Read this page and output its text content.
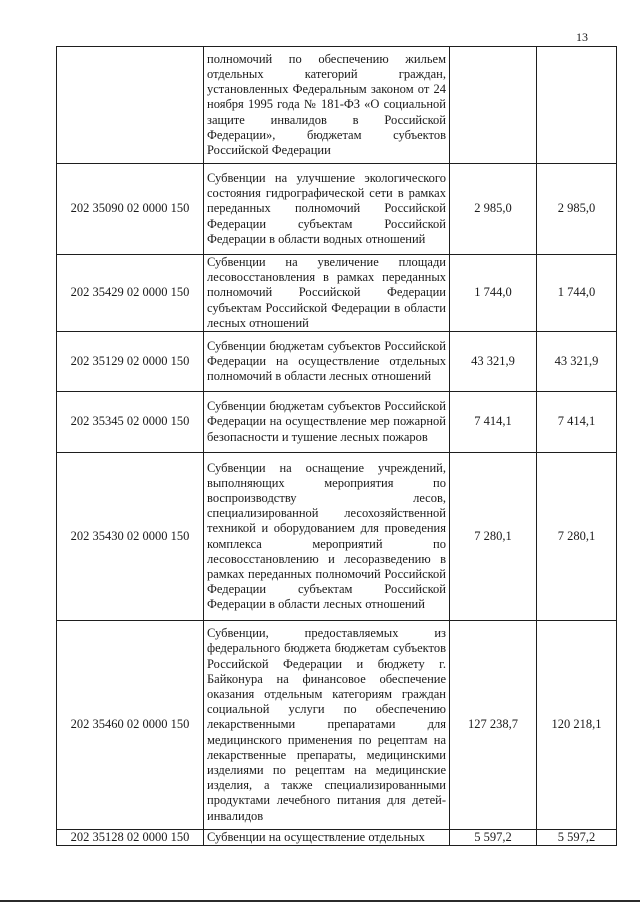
13
	полномочий по обеспечению жильем отдельных категорий граждан, установленных Федеральным законом от 24 ноября 1995 года № 181-ФЗ «О социальной защите инвалидов в Российской Федерации», бюджетам субъектов Российской Федерации		
202 35090 02 0000 150	Субвенции на улучшение экологического состояния гидрографической сети в рамках переданных полномочий Российской Федерации субъектам Российской Федерации в области водных отношений	2 985,0	2 985,0
202 35429 02 0000 150	Субвенции на увеличение площади лесовосстановления в рамках переданных полномочий Российской Федерации субъектам Российской Федерации в области лесных отношений	1 744,0	1 744,0
202 35129 02 0000 150	Субвенции бюджетам субъектов Российской Федерации на осуществление отдельных полномочий в области лесных отношений	43 321,9	43 321,9
202 35345 02 0000 150	Субвенции бюджетам субъектов Российской Федерации на осуществление мер пожарной безопасности и тушение лесных пожаров	7 414,1	7 414,1
202 35430 02 0000 150	Субвенции на оснащение учреждений, выполняющих мероприятия по воспроизводству лесов, специализированной лесохозяйственной техникой и оборудованием для проведения комплекса мероприятий по лесовосстановлению и лесоразведению в рамках переданных полномочий Российской Федерации субъектам Российской Федерации в области лесных отношений	7 280,1	7 280,1
202 35460 02 0000 150	Субвенции, предоставляемых из федерального бюджета бюджетам субъектов Российской Федерации и бюджету г. Байконура на финансовое обеспечение оказания отдельным категориям граждан социальной услуги по обеспечению лекарственными препаратами для медицинского применения по рецептам на лекарственные препараты, медицинскими изделиями по рецептам на медицинские изделия, а также специализированными продуктами лечебного питания для детей-инвалидов	127 238,7	120 218,1
202 35128 02 0000 150	Субвенции на осуществление отдельных	5 597,2	5 597,2
